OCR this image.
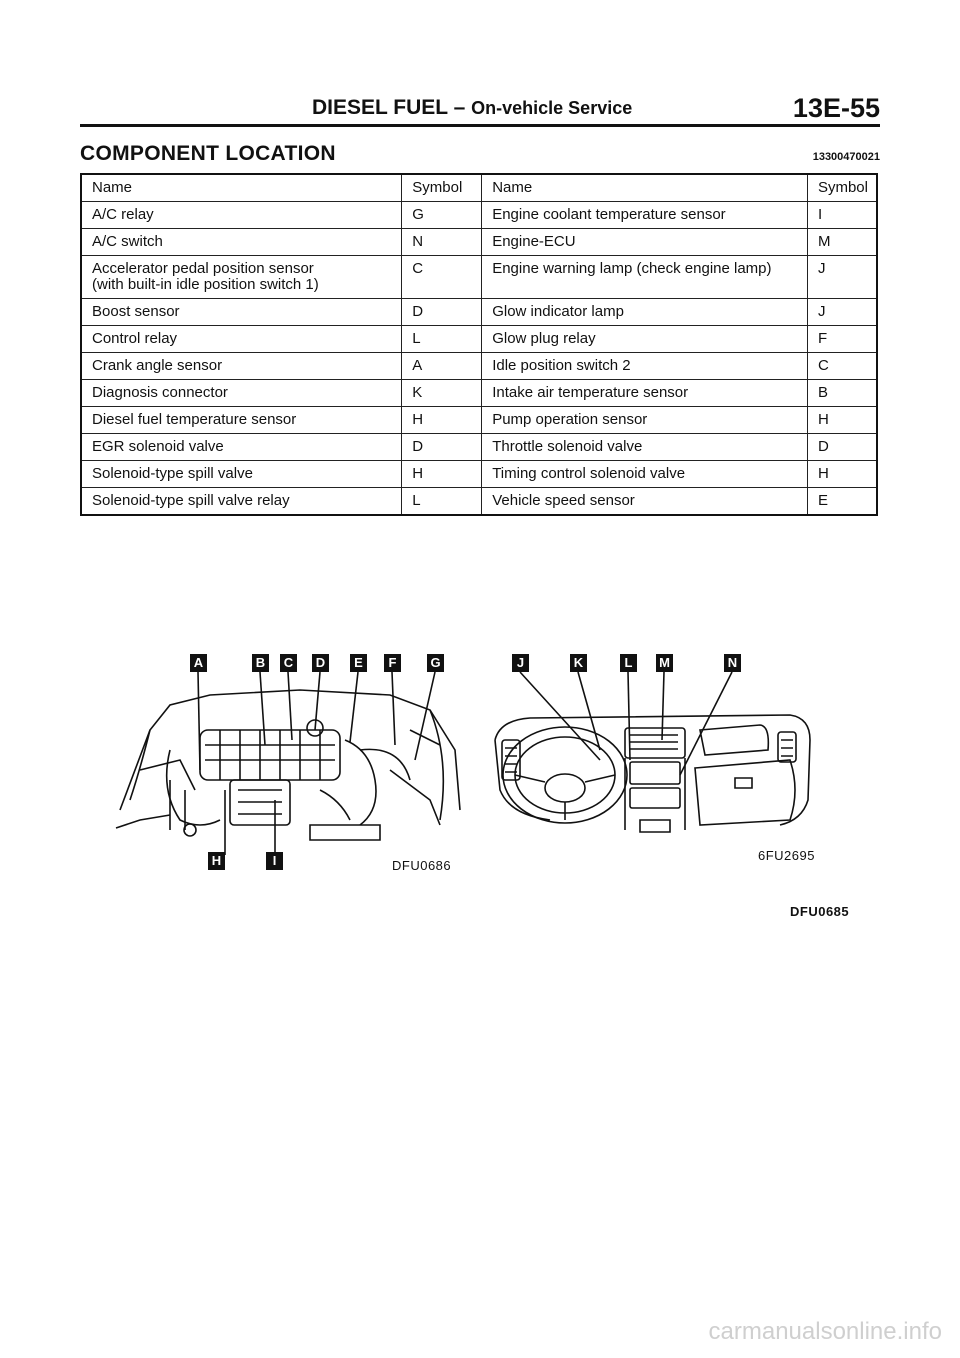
DIESEL FUEL – On-vehicle Service	13E-55
COMPONENT LOCATION	13300470021
Name	Symbol	Name	Symbol
A/C relay	G	Engine coolant temperature sensor	I
A/C switch	N	Engine-ECU	M
Accelerator pedal position sensor
(with built-in idle position switch 1)	C	Engine warning lamp (check engine lamp)	J
Boost sensor	D	Glow indicator lamp	J
Control relay	L	Glow plug relay	F
Crank angle sensor	A	Idle position switch 2	C
Diagnosis connector	K	Intake air temperature sensor	B
Diesel fuel temperature sensor	H	Pump operation sensor	H
EGR solenoid valve	D	Throttle solenoid valve	D
Solenoid-type spill valve	H	Timing control solenoid valve	H
Solenoid-type spill valve relay	L	Vehicle speed sensor	E
A	B C D	E	F	G
H	I	DFU0686
J	K	L	M	N
6FU2695
DFU0685
carmanualsonline.info
